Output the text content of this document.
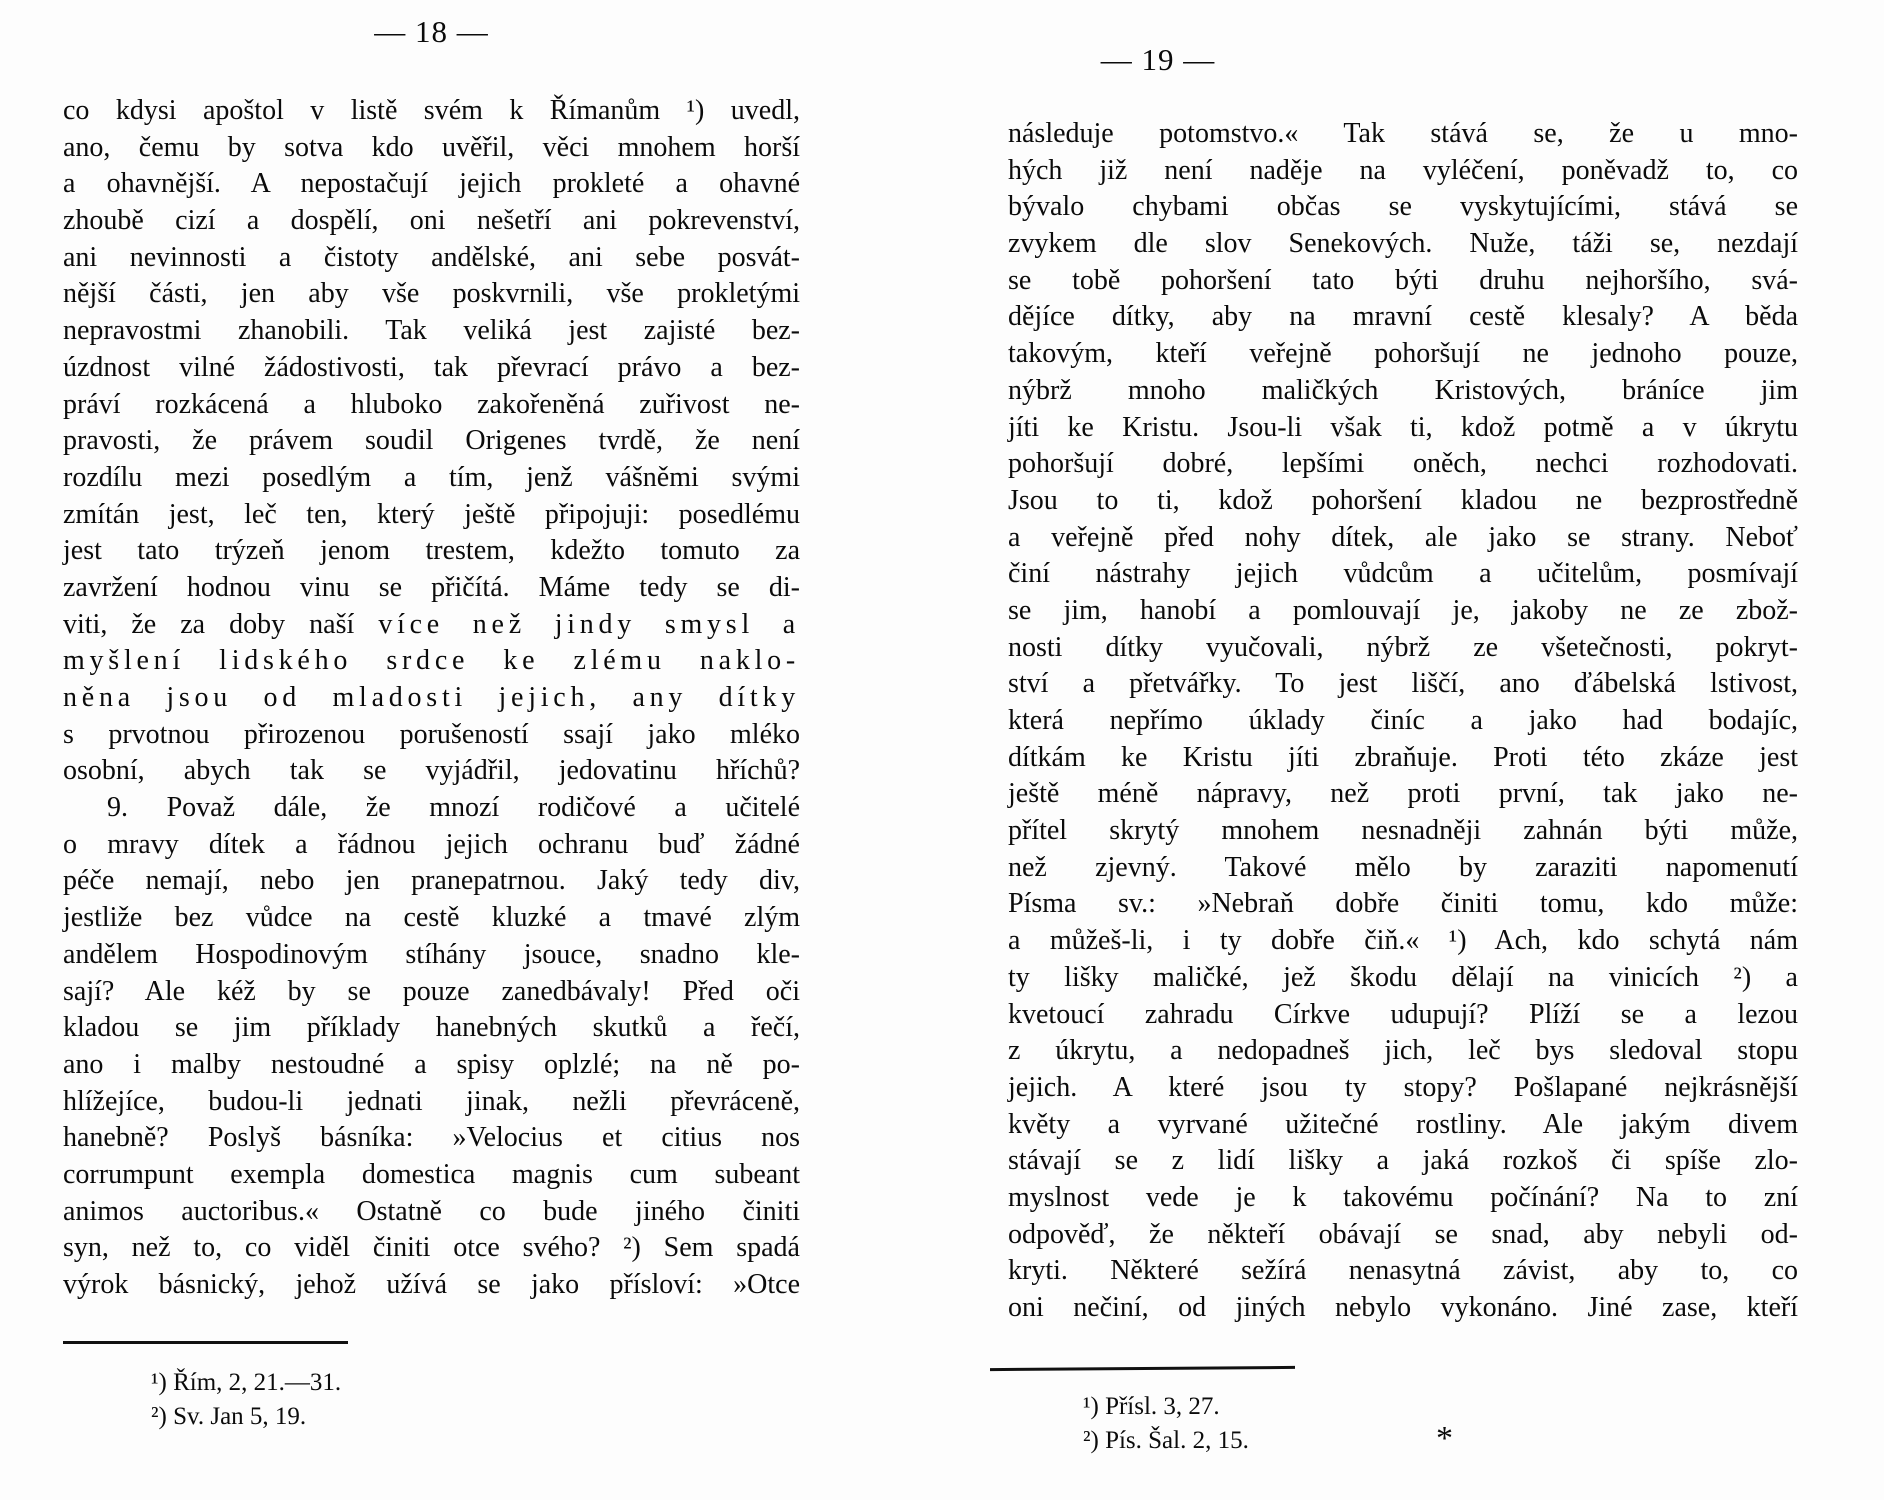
— 18 —
co kdysi apoštol v listě svém k Římanům ¹) uvedl,
ano, čemu by sotva kdo uvěřil, věci mnohem horší
a ohavnější. A nepostačují jejich prokleté a ohavné
zhoubě cizí a dospělí, oni nešetří ani pokrevenství,
ani nevinnosti a čistoty andělské, ani sebe posvát-
nější části, jen aby vše poskvrnili, vše prokletými
nepravostmi zhanobili. Tak veliká jest zajisté bez-
úzdnost vilné žádostivosti, tak převrací právo a bez-
práví rozkácená a hluboko zakořeněná zuřivost ne-
pravosti, že právem soudil Origenes tvrdě, že není
rozdílu mezi posedlým a tím, jenž vášněmi svými
zmítán jest, leč ten, který ještě připojuji: posedlému
jest tato trýzeň jenom trestem, kdežto tomuto za
zavržení hodnou vinu se přičítá. Máme tedy se di-
viti, že za doby naší více než jindy smysl a
myšlení lidského srdce ke zlému naklo-
něna jsou od mladosti jejich, any dítky
s prvotnou přirozenou porušeností ssají jako mléko
osobní, abych tak se vyjádřil, jedovatinu hříchů?
9. Považ dále, že mnozí rodičové a učitelé
o mravy dítek a řádnou jejich ochranu buď žádné
péče nemají, nebo jen pranepatrnou. Jaký tedy div,
jestliže bez vůdce na cestě kluzké a tmavé zlým
andělem Hospodinovým stíhány jsouce, snadno kle-
sají? Ale kéž by se pouze zanedbávaly! Před oči
kladou se jim příklady hanebných skutků a řečí,
ano i malby nestoudné a spisy oplzlé; na ně po-
hlížejíce, budou-li jednati jinak, nežli převráceně,
hanebně? Poslyš básníka: »Velocius et citius nos
corrumpunt exempla domestica magnis cum subeant
animos auctoribus.« Ostatně co bude jiného činiti
syn, než to, co viděl činiti otce svého? ²) Sem spadá
výrok básnický, jehož užívá se jako přísloví: »Otce
¹) Řím, 2, 21.—31.
²) Sv. Jan 5, 19.
— 19 —
následuje potomstvo.« Tak stává se, že u mno-
hých již není naděje na vyléčení, poněvadž to, co
bývalo chybami občas se vyskytujícími, stává se
zvykem dle slov Senekových. Nuže, táži se, nezdají
se tobě pohoršení tato býti druhu nejhoršího, svá-
dějíce dítky, aby na mravní cestě klesaly? A běda
takovým, kteří veřejně pohoršují ne jednoho pouze,
nýbrž mnoho maličkých Kristových, bráníce jim
jíti ke Kristu. Jsou-li však ti, kdož potmě a v úkrytu
pohoršují dobré, lepšími oněch, nechci rozhodovati.
Jsou to ti, kdož pohoršení kladou ne bezprostředně
a veřejně před nohy dítek, ale jako se strany. Neboť
činí nástrahy jejich vůdcům a učitelům, posmívají
se jim, hanobí a pomlouvají je, jakoby ne ze zbož-
nosti dítky vyučovali, nýbrž ze všetečnosti, pokryt-
ství a přetvářky. To jest liščí, ano ďábelská lstivost,
která nepřímo úklady činíc a jako had bodajíc,
dítkám ke Kristu jíti zbraňuje. Proti této zkáze jest
ještě méně nápravy, než proti první, tak jako ne-
přítel skrytý mnohem nesnadněji zahnán býti může,
než zjevný. Takové mělo by zaraziti napomenutí
Písma sv.: »Nebraň dobře činiti tomu, kdo může:
a můžeš-li, i ty dobře čiň.« ¹) Ach, kdo schytá nám
ty lišky maličké, jež škodu dělají na vinicích ²) a
kvetoucí zahradu Církve udupují? Plíží se a lezou
z úkrytu, a nedopadneš jich, leč bys sledoval stopu
jejich. A které jsou ty stopy? Pošlapané nejkrásnější
květy a vyrvané užitečné rostliny. Ale jakým divem
stávají se z lidí lišky a jaká rozkoš či spíše zlo-
myslnost vede je k takovému počínání? Na to zní
odpověď, že někteří obávají se snad, aby nebyli od-
kryti. Některé sežírá nenasytná závist, aby to, co
oni nečiní, od jiných nebylo vykonáno. Jiné zase, kteří
¹) Přísl. 3, 27.
²) Pís. Šal. 2, 15.	*
